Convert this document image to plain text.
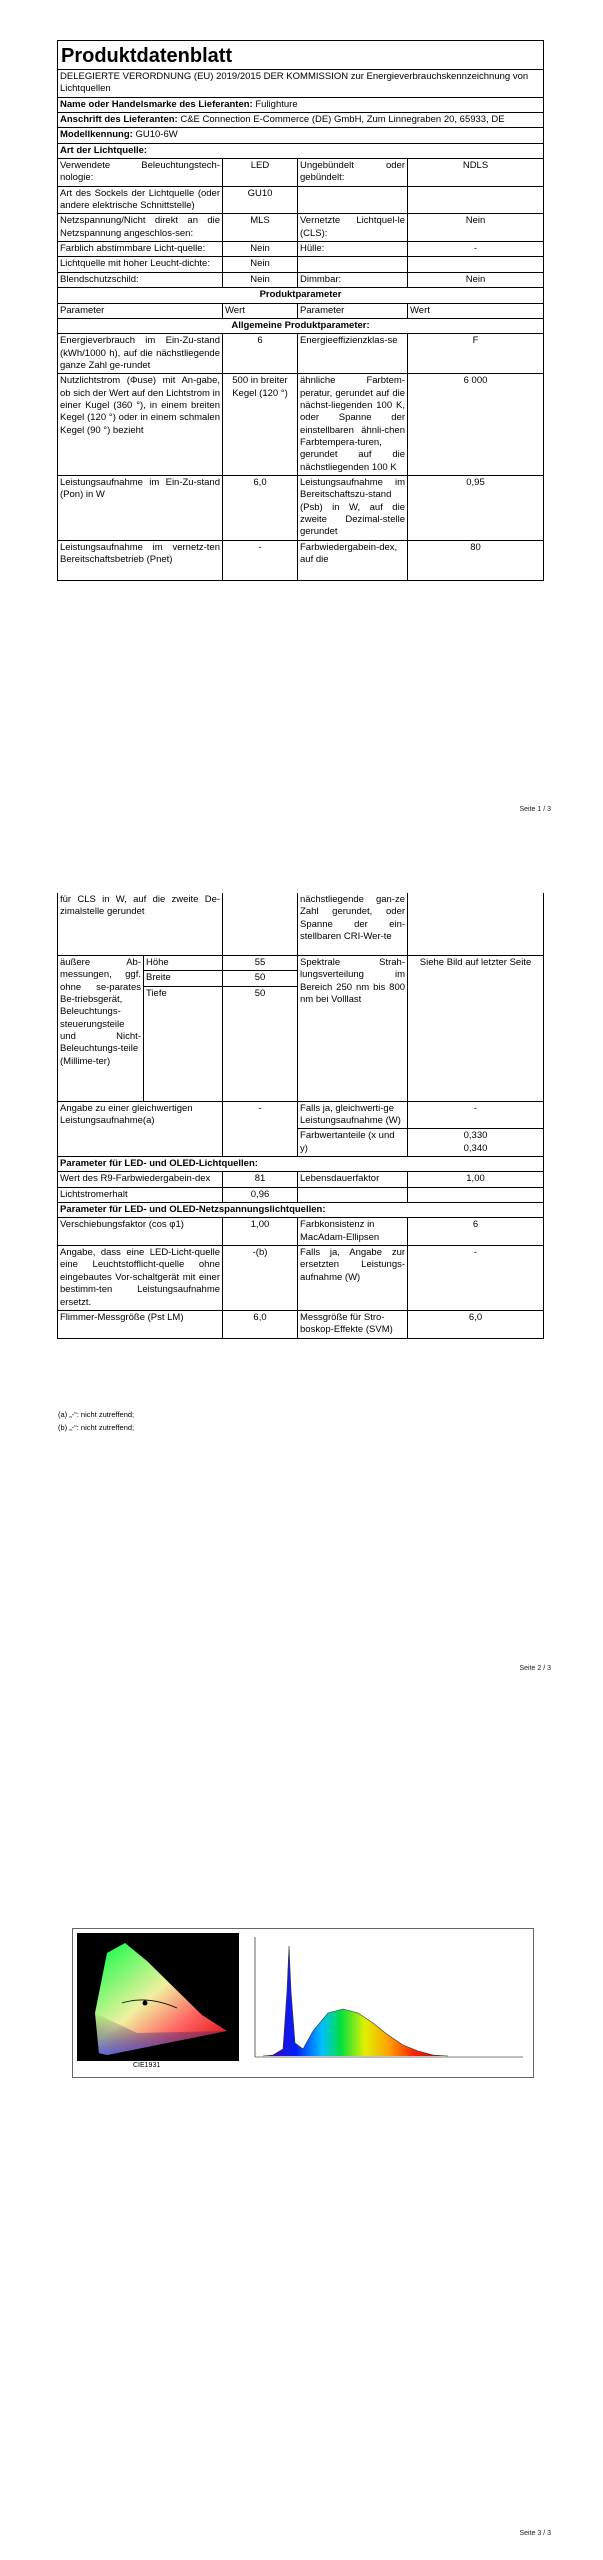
Produktdatenblatt			
DELEGIERTE VERORDNUNG (EU) 2019/2015 DER KOMMISSION zur Energieverbrauchskennzeichnung von Lichtquellen			
Name oder Handelsmarke des Lieferanten: Fulighture			
Anschrift des Lieferanten: C&E Connection E-Commerce (DE) GmbH, Zum Linnegraben 20, 65933, DE			
Modellkennung: GU10-6W			
Art der Lichtquelle:			
Verwendete Beleuchtungstech-nologie:	LED	Ungebündelt oder gebündelt:	NDLS
Art des Sockels der Lichtquelle (oder andere elektrische Schnittstelle)	GU10		
Netzspannung/Nicht direkt an die Netzspannung angeschlos-sen:	MLS	Vernetzte Lichtquel-le (CLS):	Nein
Farblich abstimmbare Licht-quelle:	Nein	Hülle:	-
Lichtquelle mit hoher Leucht-dichte:	Nein		
Blendschutzschild:	Nein	Dimmbar:	Nein
Produktparameter			
Parameter	Wert	Parameter	Wert
Allgemeine Produktparameter:			
Energieverbrauch im Ein-Zu-stand (kWh/1000 h), auf die nächstliegende ganze Zahl ge-rundet	6	Energieeffizienzklas-se	F
Nutzlichtstrom (Φuse) mit An-gabe, ob sich der Wert auf den Lichtstrom in einer Kugel (360 °), in einem breiten Kegel (120 °) oder in einem schmalen Kegel (90 °) bezieht	500 in breiter Kegel (120 °)	ähnliche Farbtem-peratur, gerundet auf die nächst-liegenden 100 K, oder Spanne der einstellbaren ähnli-chen Farbtempera-turen, gerundet auf die nächstliegenden 100 K	6 000
Leistungsaufnahme im Ein-Zu-stand (Pon) in W	6,0	Leistungsaufnahme im Bereitschaftszu-stand (Psb) in W, auf die zweite Dezimal-stelle gerundet	0,95
Leistungsaufnahme im vernetz-ten Bereitschaftsbetrieb (Pnet)	-	Farbwiedergabein-dex, auf die	80
Seite 1 / 3
für CLS in W, auf die zweite De-zimalstelle gerundet			nächstliegende gan-ze Zahl gerundet, oder Spanne der ein-stellbaren CRI-Wer-te	
äußere Ab-messungen, ggf. ohne se-parates Be-triebsgerät, Beleuchtungs-steuerungsteile und Nicht-Beleuchtungs-teile (Millime-ter)	Höhe	55	Spektrale Strah-lungsverteilung im Bereich 250 nm bis 800 nm bei Volllast	Siehe Bild auf letzter Seite
	Breite	50		
	Tiefe	50		
Angabe zu einer gleichwertigen Leistungsaufnahme(a)		-	Falls ja, gleichwerti-ge Leistungsaufnahme (W)	-
			Farbwertanteile (x und y)	0,330
0,340

Parameter für LED- und OLED-Lichtquellen:				
Wert des R9-Farbwiedergabein-dex		81	Lebensdauerfaktor	1,00
Lichtstromerhalt		0,96		
Parameter für LED- und OLED-Netzspannungslichtquellen:				
Verschiebungsfaktor (cos φ1)		1,00	Farbkonsistenz in MacAdam-Ellipsen	6
Angabe, dass eine LED-Licht-quelle eine Leuchtstofflicht-quelle ohne eingebautes Vor-schaltgerät mit einer bestimm-ten Leistungsaufnahme ersetzt.		-(b)	Falls ja, Angabe zur ersetzten Leistungs-aufnahme (W)	-
Flimmer-Messgröße (Pst LM)		6,0	Messgröße für Stro-boskop-Effekte (SVM)	6,0
(a) „-“: nicht zutreffend;
(b) „-“: nicht zutreffend;
Seite 2 / 3
CIE1931
Seite 3 / 3
